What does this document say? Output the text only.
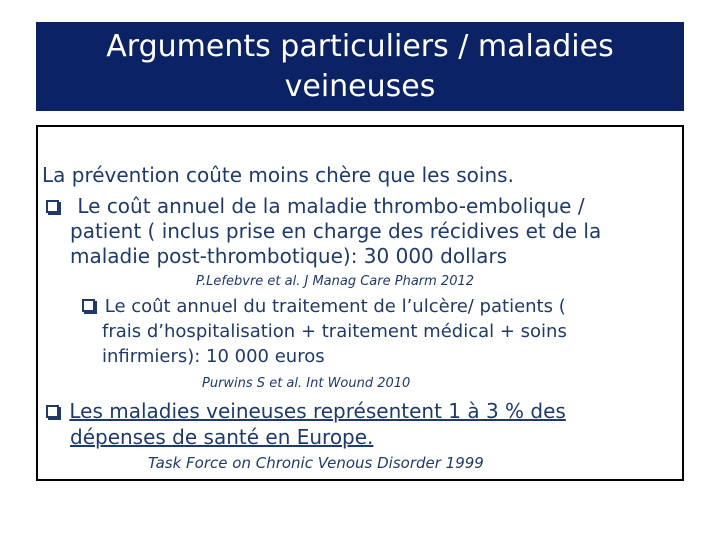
Arguments particuliers / maladies
veineuses
La prévention coûte moins chère que les soins.
Le coût annuel de la maladie thrombo-embolique /
patient ( inclus prise en charge des récidives et de la
maladie post-thrombotique): 30 000 dollars
P.Lefebvre et al. J Manag Care Pharm 2012
Le coût annuel du traitement de l’ulcère/ patients (
frais d’hospitalisation + traitement médical + soins
infirmiers): 10 000 euros
Purwins S et al. Int Wound 2010
Les maladies veineuses représentent 1 à 3 % des
dépenses de santé en Europe.
Task Force on Chronic Venous Disorder 1999
